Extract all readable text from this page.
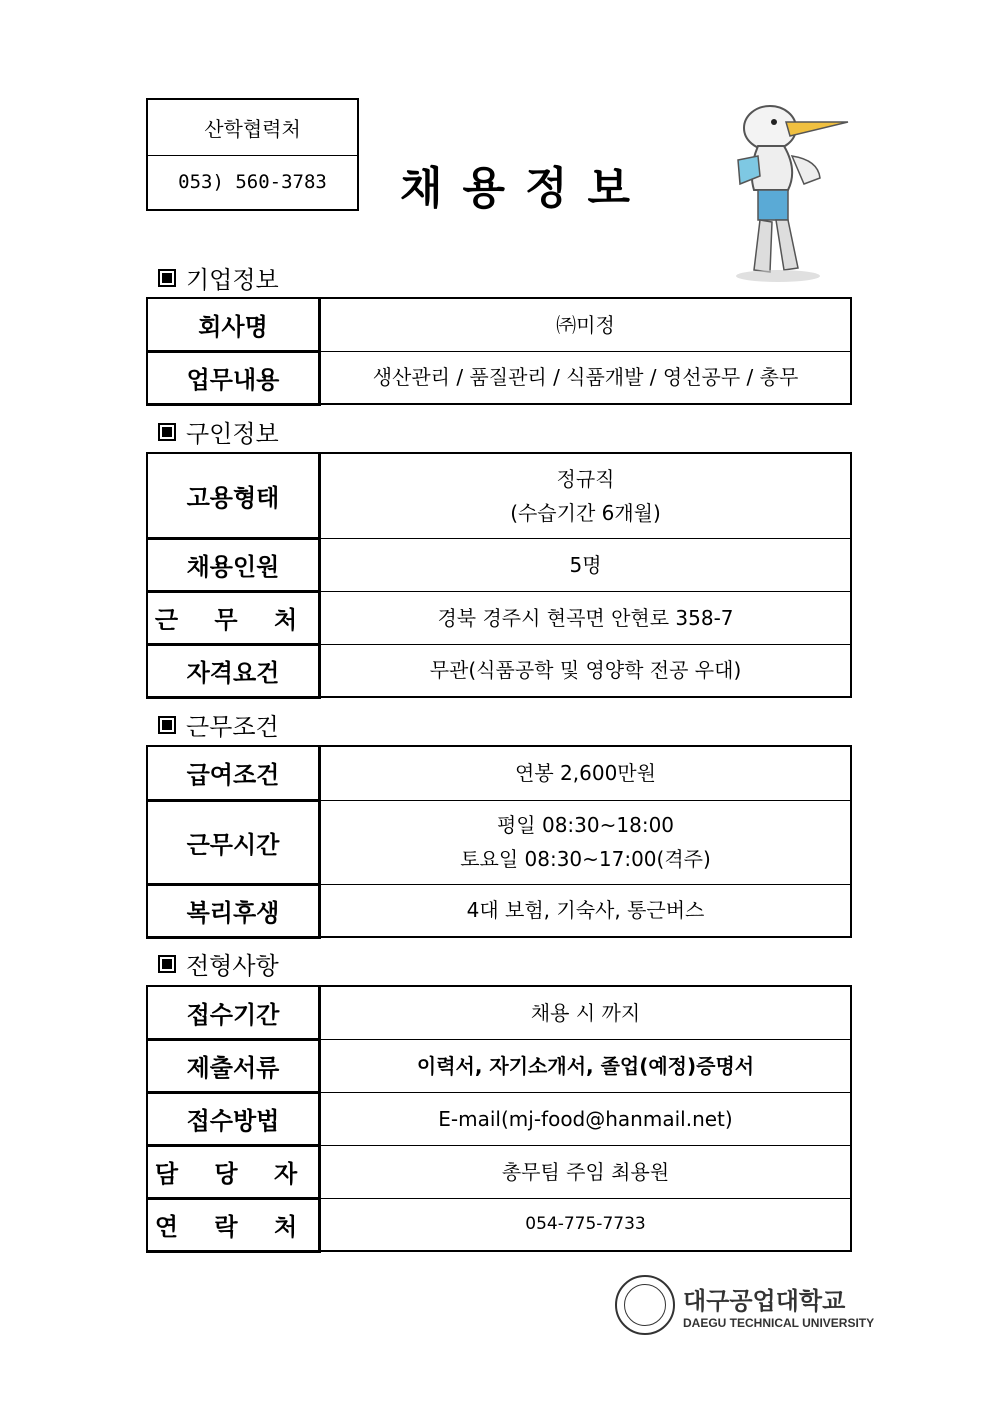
산학협력처
053) 560-3783	채용정보
기업정보
회사명	㈜미정
업무내용	생산관리 / 품질관리 / 식품개발 / 영선공무 / 총무
구인정보
고용형태	정규직
(수습기간 6개월)

채용인원	5명
근 무 처	경북 경주시 현곡면 안현로 358-7
자격요건	무관(식품공학 및 영양학 전공 우대)
근무조건
급여조건	연봉 2,600만원
근무시간	평일 08:30~18:00
토요일 08:30~17:00(격주)

복리후생	4대 보험, 기숙사, 통근버스
전형사항
접수기간	채용 시 까지
제출서류	이력서, 자기소개서, 졸업(예정)증명서
접수방법	E-mail(mj-food@hanmail.net)
담 당 자	총무팀 주임 최용원
연 락 처	054-775-7733
대구공업대학교
DAEGU TECHNICAL UNIVERSITY
